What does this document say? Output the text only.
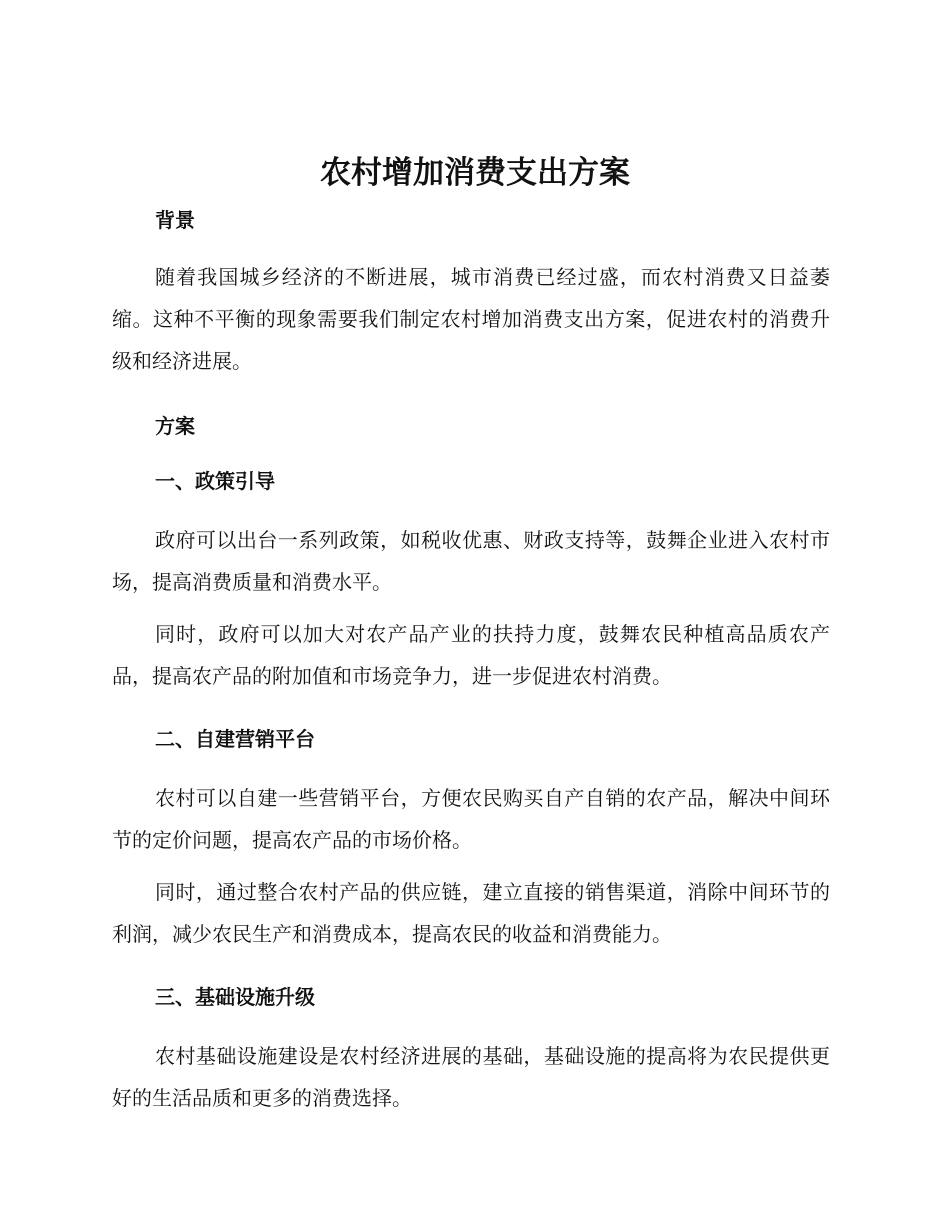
农村增加消费支出方案
背景

随着我国城乡经济的不断进展，城市消费已经过盛，而农村消费又日益萎缩。这种不平衡的现象需要我们制定农村增加消费支出方案，促进农村的消费升级和经济进展。

方案
一、政策引导

政府可以出台一系列政策，如税收优惠、财政支持等，鼓舞企业进入农村市场，提高消费质量和消费水平。

同时，政府可以加大对农产品产业的扶持力度，鼓舞农民种植高品质农产品，提高农产品的附加值和市场竞争力，进一步促进农村消费。

二、自建营销平台

农村可以自建一些营销平台，方便农民购买自产自销的农产品，解决中间环节的定价问题，提高农产品的市场价格。

同时，通过整合农村产品的供应链，建立直接的销售渠道，消除中间环节的利润，减少农民生产和消费成本，提高农民的收益和消费能力。

三、基础设施升级

农村基础设施建设是农村经济进展的基础，基础设施的提高将为农民提供更好的生活品质和更多的消费选择。
